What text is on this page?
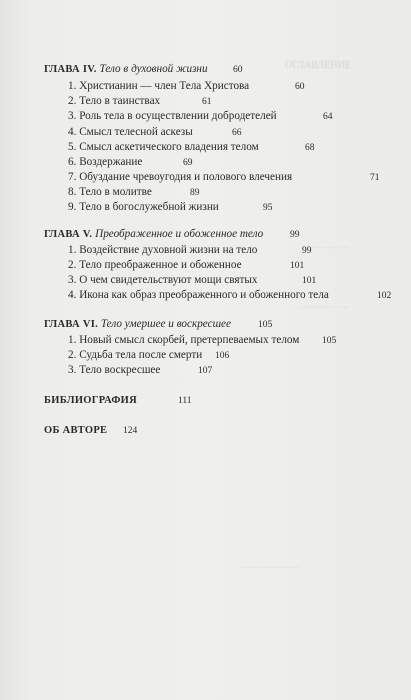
ОГЛАВЛЕНИЕ
…………
……………
………………
ГЛАВА IV. Тело в духовной жизни	60
1. Христианин — член Тела Христова	60
2. Тело в таинствах	61
3. Роль тела в осуществлении добродетелей	64
4. Смысл телесной аскезы	66
5. Смысл аскетического владения телом	68
6. Воздержание	69
7. Обуздание чревоугодия и полового влечения	71
8. Тело в молитве	89
9. Тело в богослужебной жизни	95
ГЛАВА V. Преображенное и обоженное тело	99
1. Воздействие духовной жизни на тело	99
2. Тело преображенное и обоженное	101
3. О чем свидетельствуют мощи святых	101
4. Икона как образ преображенного и обоженного тела	102
ГЛАВА VI. Тело умершее и воскресшее	105
1. Новый смысл скорбей, претерпеваемых телом 105
2. Судьба тела после смерти 106
3. Тело воскресшее	107
БИБЛИОГРАФИЯ	111
ОБ АВТОРЕ 124
